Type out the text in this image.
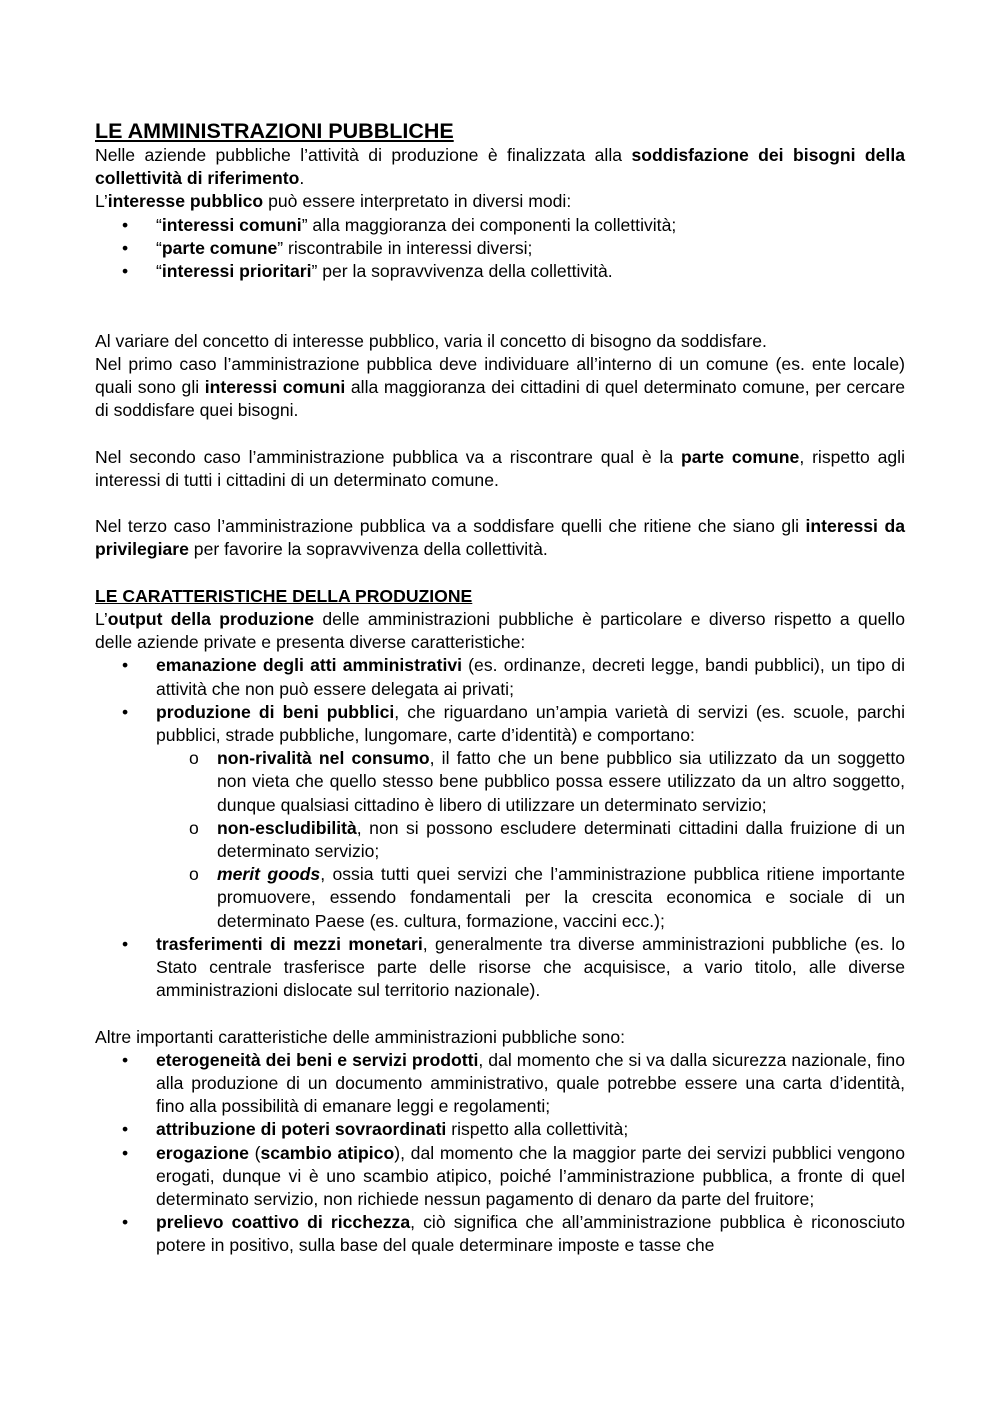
LE AMMINISTRAZIONI PUBBLICHE

Nelle aziende pubbliche l’attività di produzione è finalizzata alla soddisfazione dei bisogni della collettività di riferimento.

L’interesse pubblico può essere interpretato in diversi modi:

• “interessi comuni” alla maggioranza dei componenti la collettività;
• “parte comune” riscontrabile in interessi diversi;
• “interessi prioritari” per la sopravvivenza della collettività.

Al variare del concetto di interesse pubblico, varia il concetto di bisogno da soddisfare.

Nel primo caso l’amministrazione pubblica deve individuare all’interno di un comune (es. ente locale) quali sono gli interessi comuni alla maggioranza dei cittadini di quel determinato comune, per cercare di soddisfare quei bisogni.

Nel secondo caso l’amministrazione pubblica va a riscontrare qual è la parte comune, rispetto agli interessi di tutti i cittadini di un determinato comune.

Nel terzo caso l’amministrazione pubblica va a soddisfare quelli che ritiene che siano gli interessi da privilegiare per favorire la sopravvivenza della collettività.

LE CARATTERISTICHE DELLA PRODUZIONE

L’output della produzione delle amministrazioni pubbliche è particolare e diverso rispetto a quello delle aziende private e presenta diverse caratteristiche:

• emanazione degli atti amministrativi (es. ordinanze, decreti legge, bandi pubblici), un tipo di attività che non può essere delegata ai privati;
• produzione di beni pubblici, che riguardano un’ampia varietà di servizi (es. scuole, parchi pubblici, strade pubbliche, lungomare, carte d’identità) e comportano:
o non-rivalità nel consumo, il fatto che un bene pubblico sia utilizzato da un soggetto non vieta che quello stesso bene pubblico possa essere utilizzato da un altro soggetto, dunque qualsiasi cittadino è libero di utilizzare un determinato servizio;
o non-escludibilità, non si possono escludere determinati cittadini dalla fruizione di un determinato servizio;
o merit goods, ossia tutti quei servizi che l’amministrazione pubblica ritiene importante promuovere, essendo fondamentali per la crescita economica e sociale di un determinato Paese (es. cultura, formazione, vaccini ecc.);
• trasferimenti di mezzi monetari, generalmente tra diverse amministrazioni pubbliche (es. lo Stato centrale trasferisce parte delle risorse che acquisisce, a vario titolo, alle diverse amministrazioni dislocate sul territorio nazionale).

Altre importanti caratteristiche delle amministrazioni pubbliche sono:

• eterogeneità dei beni e servizi prodotti, dal momento che si va dalla sicurezza nazionale, fino alla produzione di un documento amministrativo, quale potrebbe essere una carta d’identità, fino alla possibilità di emanare leggi e regolamenti;
• attribuzione di poteri sovraordinati rispetto alla collettività;
• erogazione (scambio atipico), dal momento che la maggior parte dei servizi pubblici vengono erogati, dunque vi è uno scambio atipico, poiché l’amministrazione pubblica, a fronte di quel determinato servizio, non richiede nessun pagamento di denaro da parte del fruitore;
• prelievo coattivo di ricchezza, ciò significa che all’amministrazione pubblica è riconosciuto potere in positivo, sulla base del quale determinare imposte e tasse che
